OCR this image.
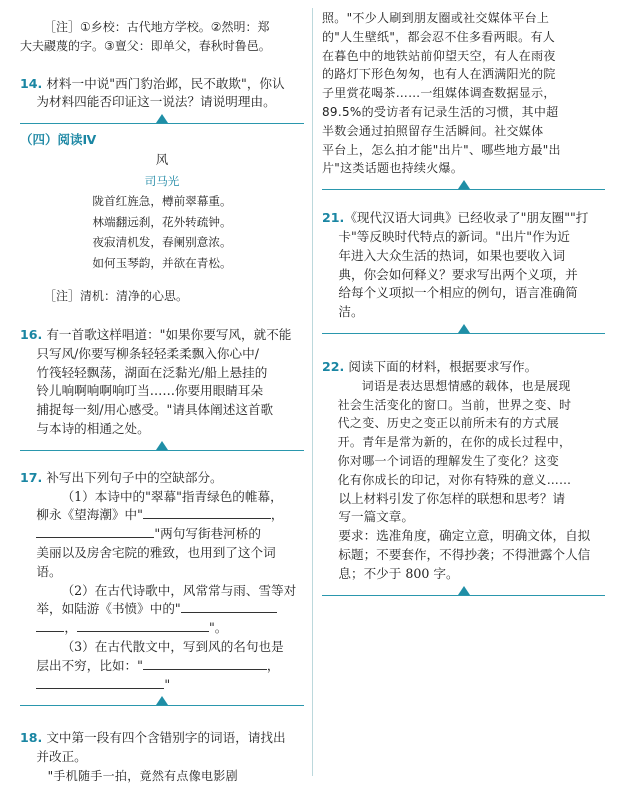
［注］①乡校：古代地方学校。②然明：郑

大夫鬷蔑的字。③亶父：即单父，春秋时鲁邑。

14. 材料一中说"西门豹治邺，民不敢欺"，你认

为材料四能否印证这一说法？请说明理由。

（四）阅读Ⅳ

风

司马光

陇首红旌急，樽前翠幕重。

林端翻远刹，花外转疏钟。

夜寂清机发，春阑别意浓。

如何玉琴韵，并欲在青松。

［注］清机：清净的心思。

16. 有一首歌这样唱道："如果你要写风，就不能

只写风/你要写柳条轻轻柔柔飘入你心中/

竹筏轻轻飘荡，湖面在泛黏光/船上悬挂的

铃儿响啊响啊响叮当……你要用眼睛耳朵

捕捉每一刻/用心感受。"请具体阐述这首歌

与本诗的相通之处。

17. 补写出下列句子中的空缺部分。

（1）本诗中的"翠幕"指青绿色的帷幕，

柳永《望海潮》中"	，

"两句写街巷河桥的

美丽以及房舍宅院的雅致，也用到了这个词

语。

（2）在古代诗歌中，风常常与雨、雪等对

举，如陆游《书愤》中的"

，	"。

（3）在古代散文中，写到风的名句也是

层出不穷，比如："	，

"

18. 文中第一段有四个含错别字的词语，请找出

并改正。

"手机随手一拍，竟然有点像电影剧

照。"不少人刷到朋友圈或社交媒体平台上

的"人生壁纸"，都会忍不住多看两眼。有人

在暮色中的地铁站前仰望天空，有人在雨夜

的路灯下形色匆匆，也有人在洒满阳光的院

子里赏花喝茶……一组媒体调查数据显示，

89.5%的受访者有记录生活的习惯，其中超

半数会通过拍照留存生活瞬间。社交媒体

平台上，怎么拍才能"出片"、哪些地方最"出

片"这类话题也持续火爆。

21.《现代汉语大词典》已经收录了"朋友圈""打

卡"等反映时代特点的新词。"出片"作为近

年进入大众生活的热词，如果也要收入词

典，你会如何释义？要求写出两个义项，并

给每个义项拟一个相应的例句，语言准确简

洁。

22. 阅读下面的材料，根据要求写作。

词语是表达思想情感的载体，也是展现

社会生活变化的窗口。当前，世界之变、时

代之变、历史之变正以前所未有的方式展

开。青年是常为新的，在你的成长过程中，

你对哪一个词语的理解发生了变化？这变

化有你成长的印记，对你有特殊的意义……

以上材料引发了你怎样的联想和思考？请

写一篇文章。

要求：选准角度，确定立意，明确文体，自拟

标题；不要套作，不得抄袭；不得泄露个人信

息；不少于 800 字。
